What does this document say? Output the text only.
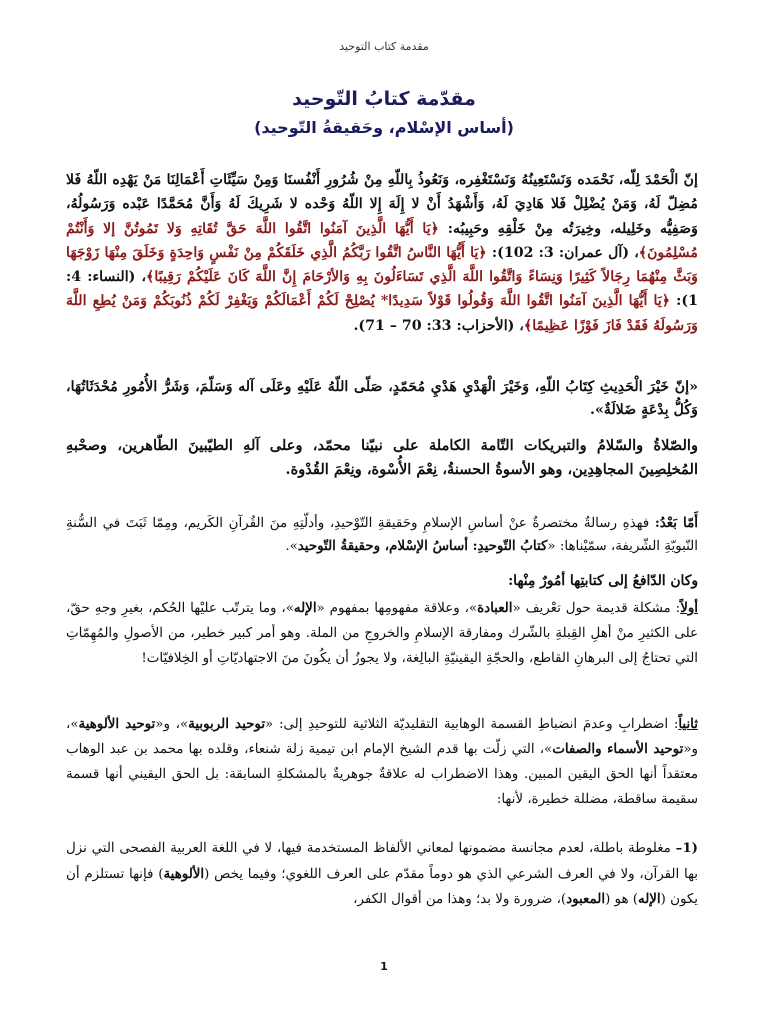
مقدمة كتاب التوحيد
مقدّمة كتابُ التّوحيد
(أساس الإسْلام، وحَقيقةُ التّوحيد)
إنّ الْحَمْدَ لِلّه، نَحْمَده وَنَسْتَعِينُهُ وَنَسْتَغْفِره، وَنَعُوذُ بِاللّهِ مِنْ شُرُورِ أَنْفُسنَا وَمِنْ سَيِّئَاتِ أَعْمَالِنَا مَنْ يَهْدِه اللّهُ فَلا مُضِلّ لَهُ، وَمَنْ يُضْلِلْ فَلا هَادِيَ لَهُ، وَأَشْهَدُ أَنْ لا إِلَهَ إِلا اللّهُ وَحْده لا شَرِيكَ لَهُ وَأَنَّ مُحَمَّدًا عَبْده وَرَسُولُهُ، وَصَفِيُّه وخَلِيله، وخِيرَتُه مِنْ خَلْقِهِ وحَبِيبُه: ﴿يَا أَيُّهَا الَّذِينَ آمَنُوا اتَّقُوا اللَّهَ حَقَّ تُقَاتِهِ وَلا تَمُوتُنَّ إلا وَأَنْتُمْ مُسْلِمُونَ﴾، (آل عمران: 3: 102): ﴿يَا أَيُّهَا النَّاسُ اتَّقُوا رَبَّكُمُ الَّذِي خَلَقَكُمْ مِنْ نَفْسٍ وَاحِدَةٍ وَخَلَقَ مِنْهَا زَوْجَهَا وَبَثَّ مِنْهُمَا رِجَالاً كَثِيرًا وَنِسَاءً وَاتَّقُوا اللَّهَ الَّذِي تَسَاءَلُونَ بِهِ وَالأرْحَامَ إِنَّ اللَّهَ كَانَ عَلَيْكُمْ رَقِيبًا﴾، (النساء: 4: 1): ﴿يَا أَيُّهَا الَّذِينَ آمَنُوا اتَّقُوا اللَّهَ وَقُولُوا قَوْلاً سَدِيدًا* يُصْلِحْ لَكُمْ أَعْمَالَكُمْ وَيَغْفِرْ لَكُمْ ذُنُوبَكُمْ وَمَنْ يُطِعِ اللَّهَ وَرَسُولَهُ فَقَدْ فَازَ فَوْزًا عَظِيمًا﴾، (الأحزاب: 33: 70 – 71).
«إنّ خَيْرَ الْحَدِيثِ كِتَابُ اللّهِ، وَخَيْرَ الْهَدْيِ هَدْيِ مُحَمّدٍ، صَلّى اللّهُ عَلَيْهِ وعَلَى آله وَسَلّمَ، وَشَرُّ الأُمُورِ مُحْدَثَاتُهَا، وَكُلُّ بِدْعَةٍ ضَلالَةٌ».
والصّلاةُ والسّلامُ والتبريكات التّامة الكاملة على نبيّنا محمّد، وعلى آلهِ الطيّبينَ الطّاهرين، وصحْبهِ المُخلِصِينَ المجاهِدِين، وهو الأسوةُ الحسنةُ، نِعْمَ الأُسْوة، ونِعْمَ القُدْوة.
أَمّا بَعْدُ: فهذهِ رسالةٌ مختصرةٌ عنْ أساسِ الإسلامِ وحَقيقةِ التّوْحيدِ، وأدلّتِهِ منَ القُرآنِ الكَريم، ومِمّا ثَبَتَ في السُّنةِ النّبويّةِ الشّريفة، سمّيْناها: «كتابُ التّوحيدِ: أساسُ الإسْلام، وحقيقةُ التّوحيد».
وكان الدّافعُ إلى كتابتِها أمُورٌ مِنْها:
أولاً: مشكلة قديمة حول تعْريف «العبادة»، وعلاقة مفهومِها بمفهوم «الإله»، وما يترتّب عليْها الحُكم، بغيرِ وجهِ حقّ، على الكثيرِ منْ أهلِ القِبلةِ بالشّرك ومفارقة الإسلامِ والخروجِ من الملة. وهو أمر كبير خطير، من الأصولِ والمُهِمّاتِ التي تحتاجُ إلى البرهانِ القاطع، والحجّةِ اليقينيّةِ البالِغة، ولا يجوزُ أن يكُونَ منَ الاجتهاديّاتِ أو الخِلافيّات!
ثانياً: اضطرابِ وعدمَ انضباطِ القسمة الوهابية التقليديّة الثلاثية للتوحيدِ إلى: «توحيد الربوبية»، و«توحيد الألوهية»، و«توحيد الأسماء والصفات»، التي زلّت بها قدم الشيخ الإمام ابن تيمية زلة شنعاء، وقلده بها محمد بن عبد الوهاب معتقداً أنها الحق اليقين المبين. وهذا الاضطراب له علاقةٌ جوهريةٌ بالمشكلةِ السابقة: بل الحق اليقيني أنها قسمة سقيمة ساقطة، مضللة خطيرة، لأنها:
(1– مغلوطة باطلة، لعدم مجانسة مضمونها لمعاني الألفاظ المستخدمة فيها، لا في اللغة العربية الفصحى التي نزل بها القرآن، ولا في العرف الشرعي الذي هو دوماً مقدّم على العرف اللغوي؛ وفيما يخص (الألوهية) فإنها تستلزم أن يكون (الإله) هو (المعبود)، ضرورة ولا بد؛ وهذا من أقوال الكفر،
1
